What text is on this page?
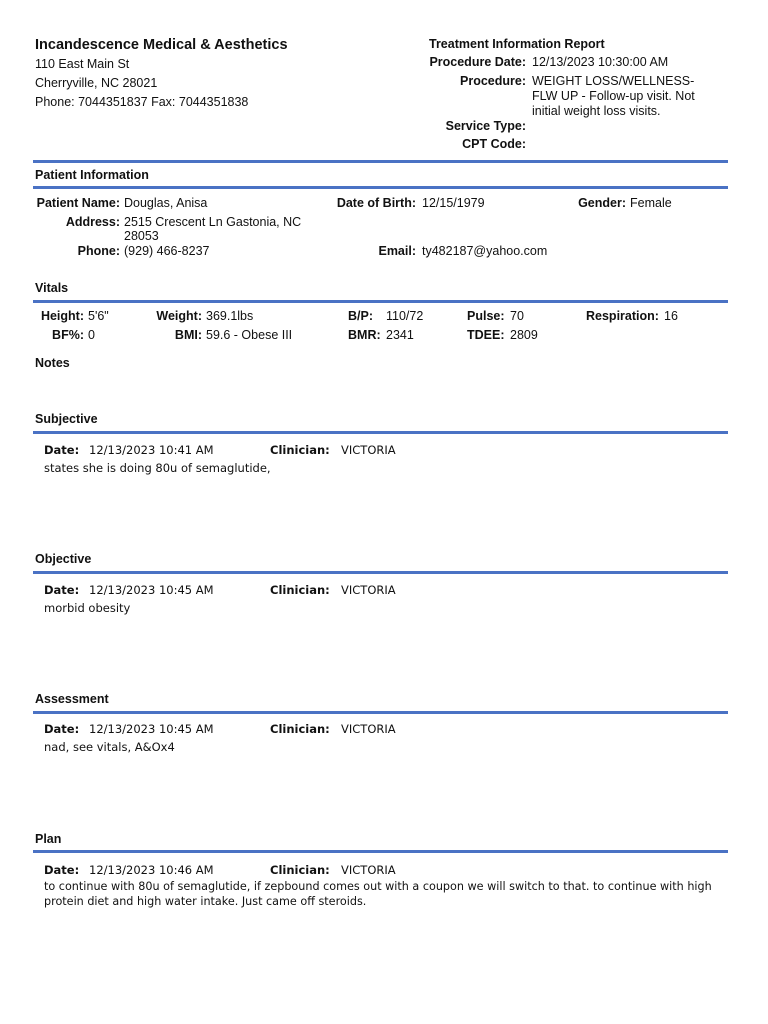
Incandescence Medical & Aesthetics
110 East Main St
Cherryville, NC 28021
Phone: 7044351837 Fax: 7044351838
Treatment Information Report
Procedure Date: 12/13/2023 10:30:00 AM
Procedure: WEIGHT LOSS/WELLNESS-
FLW UP - Follow-up visit. Not
initial weight loss visits.
Service Type:
CPT Code:
Patient Information
Patient Name: Douglas, Anisa	Date of Birth: 12/15/1979	Gender: Female
Address: 2515 Crescent Ln Gastonia, NC
28053
Phone: (929) 466-8237	Email: ty482187@yahoo.com
Vitals
Height: 5'6"	Weight: 369.1lbs	B/P: 110/72	Pulse: 70	Respiration: 16
BF%: 0	BMI: 59.6 - Obese III	BMR: 2341	TDEE: 2809
Notes
Subjective
Date: 12/13/2023 10:41 AM	Clinician: VICTORIA
states she is doing 80u of semaglutide,
Objective
Date: 12/13/2023 10:45 AM	Clinician: VICTORIA
morbid obesity
Assessment
Date: 12/13/2023 10:45 AM	Clinician: VICTORIA
nad, see vitals, A&Ox4
Plan
Date: 12/13/2023 10:46 AM	Clinician: VICTORIA
to continue with 80u of semaglutide, if zepbound comes out with a coupon we will switch to that. to continue with high
protein diet and high water intake. Just came off steroids.
